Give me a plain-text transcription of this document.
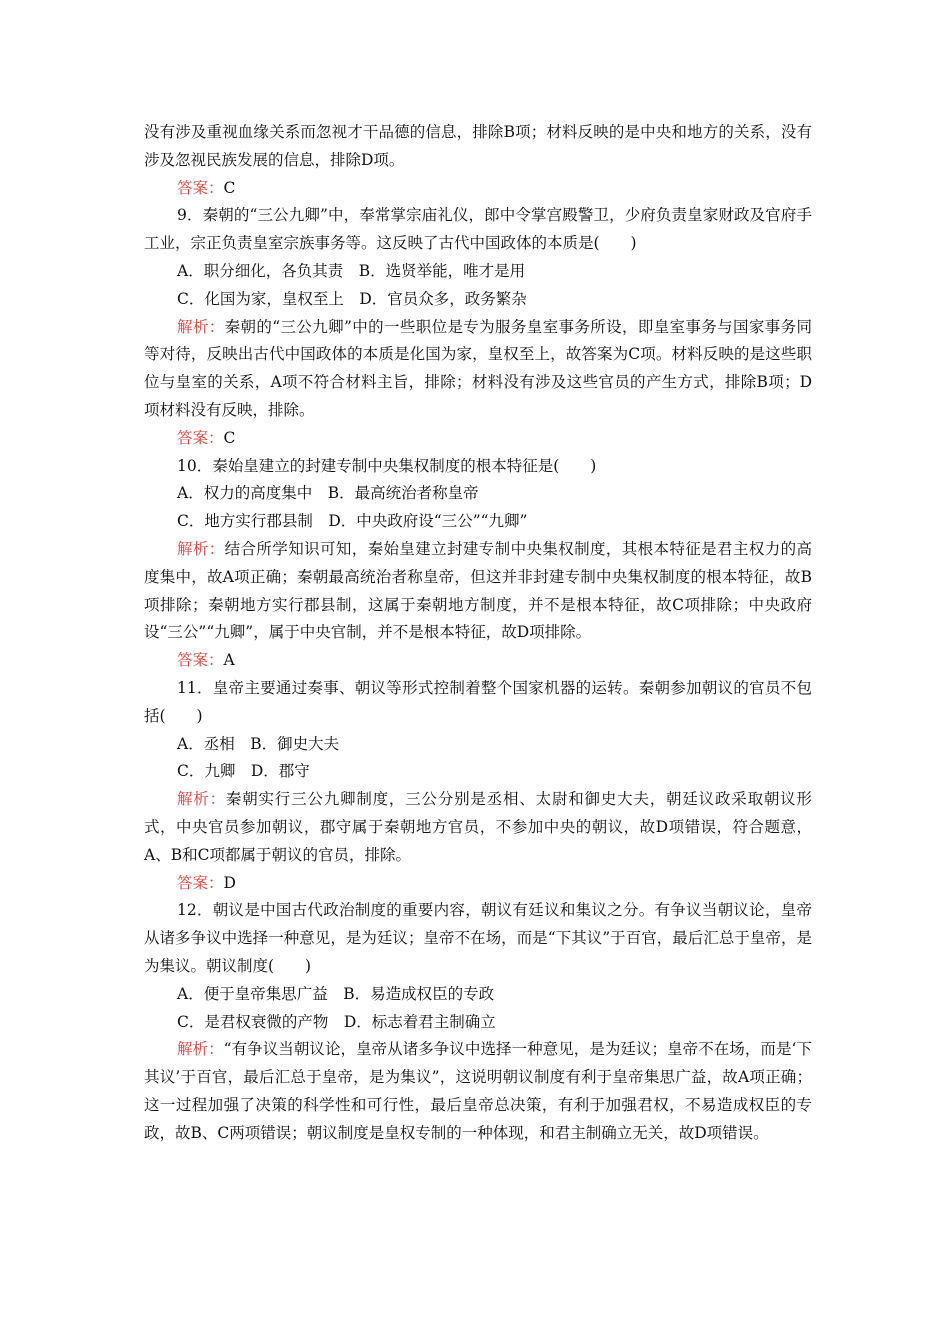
没有涉及重视血缘关系而忽视才干品德的信息，排除B项；材料反映的是中央和地方的关系，没有涉及忽视民族发展的信息，排除D项。

答案：C

9．秦朝的“三公九卿”中，奉常掌宗庙礼仪，郎中令掌宫殿警卫，少府负责皇家财政及官府手工业，宗正负责皇室宗族事务等。这反映了古代中国政体的本质是(　　)

A．职分细化，各负其责　B．选贤举能，唯才是用

C．化国为家，皇权至上　D．官员众多，政务繁杂

解析：秦朝的“三公九卿”中的一些职位是专为服务皇室事务所设，即皇室事务与国家事务同等对待，反映出古代中国政体的本质是化国为家，皇权至上，故答案为C项。材料反映的是这些职位与皇室的关系，A项不符合材料主旨，排除；材料没有涉及这些官员的产生方式，排除B项；D项材料没有反映，排除。

答案：C

10．秦始皇建立的封建专制中央集权制度的根本特征是(　　)

A．权力的高度集中　B．最高统治者称皇帝

C．地方实行郡县制　D．中央政府设“三公”“九卿”

解析：结合所学知识可知，秦始皇建立封建专制中央集权制度，其根本特征是君主权力的高度集中，故A项正确；秦朝最高统治者称皇帝，但这并非封建专制中央集权制度的根本特征，故B项排除；秦朝地方实行郡县制，这属于秦朝地方制度，并不是根本特征，故C项排除；中央政府设“三公”“九卿”，属于中央官制，并不是根本特征，故D项排除。

答案：A

11．皇帝主要通过奏事、朝议等形式控制着整个国家机器的运转。秦朝参加朝议的官员不包括(　　)

A．丞相　B．御史大夫

C．九卿　D．郡守

解析：秦朝实行三公九卿制度，三公分别是丞相、太尉和御史大夫，朝廷议政采取朝议形式，中央官员参加朝议，郡守属于秦朝地方官员，不参加中央的朝议，故D项错误，符合题意，A、B和C项都属于朝议的官员，排除。

答案：D

12．朝议是中国古代政治制度的重要内容，朝议有廷议和集议之分。有争议当朝议论，皇帝从诸多争议中选择一种意见，是为廷议；皇帝不在场，而是“下其议”于百官，最后汇总于皇帝，是为集议。朝议制度(　　)

A．便于皇帝集思广益　B．易造成权臣的专政

C．是君权衰微的产物　D．标志着君主制确立

解析：“有争议当朝议论，皇帝从诸多争议中选择一种意见，是为廷议；皇帝不在场，而是‘下其议’于百官，最后汇总于皇帝，是为集议”，这说明朝议制度有利于皇帝集思广益，故A项正确；这一过程加强了决策的科学性和可行性，最后皇帝总决策，有利于加强君权，不易造成权臣的专政，故B、C两项错误；朝议制度是皇权专制的一种体现，和君主制确立无关，故D项错误。
